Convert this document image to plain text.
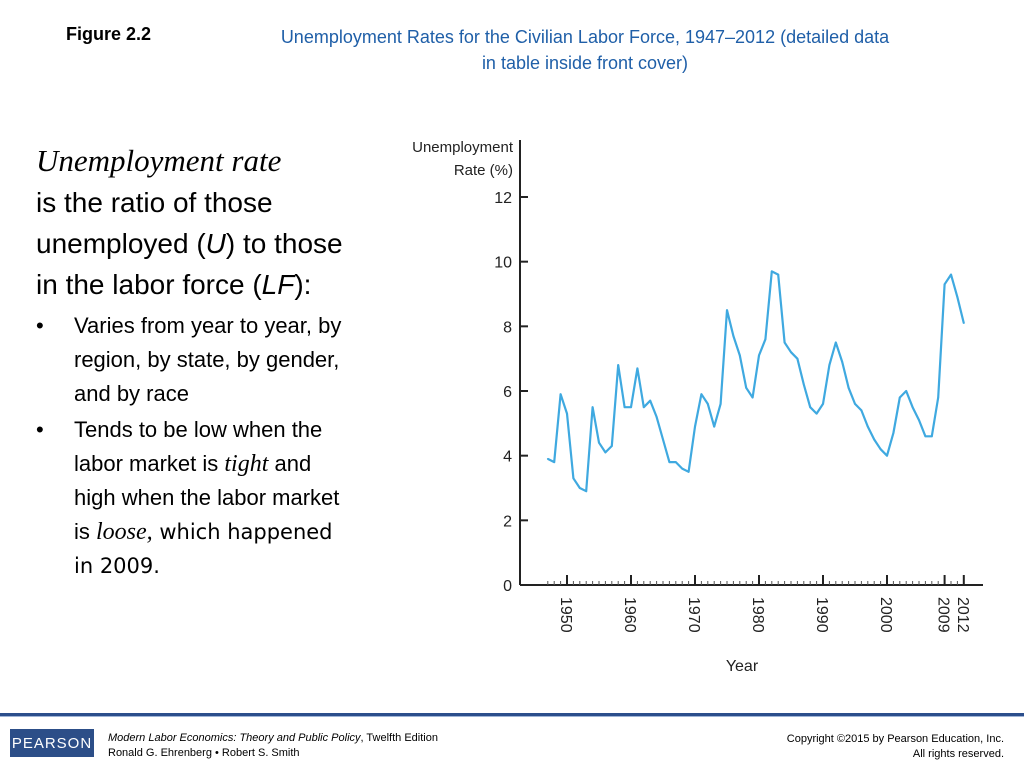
Figure 2.2	Unemployment Rates for the Civilian Labor Force, 1947–2012 (detailed data
in table inside front cover)
Unemployment rate
is the ratio of those unemployed (U) to those in the labor force (LF):
• Varies from year to year, by region, by state, by gender, and by race
• Tends to be low when the labor market is tight and high when the labor market is loose, which happened in 2009.
Unemployment
Rate (%)
Year
0
2
4
6
8
10
12
1950	1960	1970	1980	1990	2000	2009 2012
PEARSON Modern Labor Economics: Theory and Public Policy, Twelfth Edition
Ronald G. Ehrenberg • Robert S. Smith
Copyright ©2015 by Pearson Education, Inc.
All rights reserved.
